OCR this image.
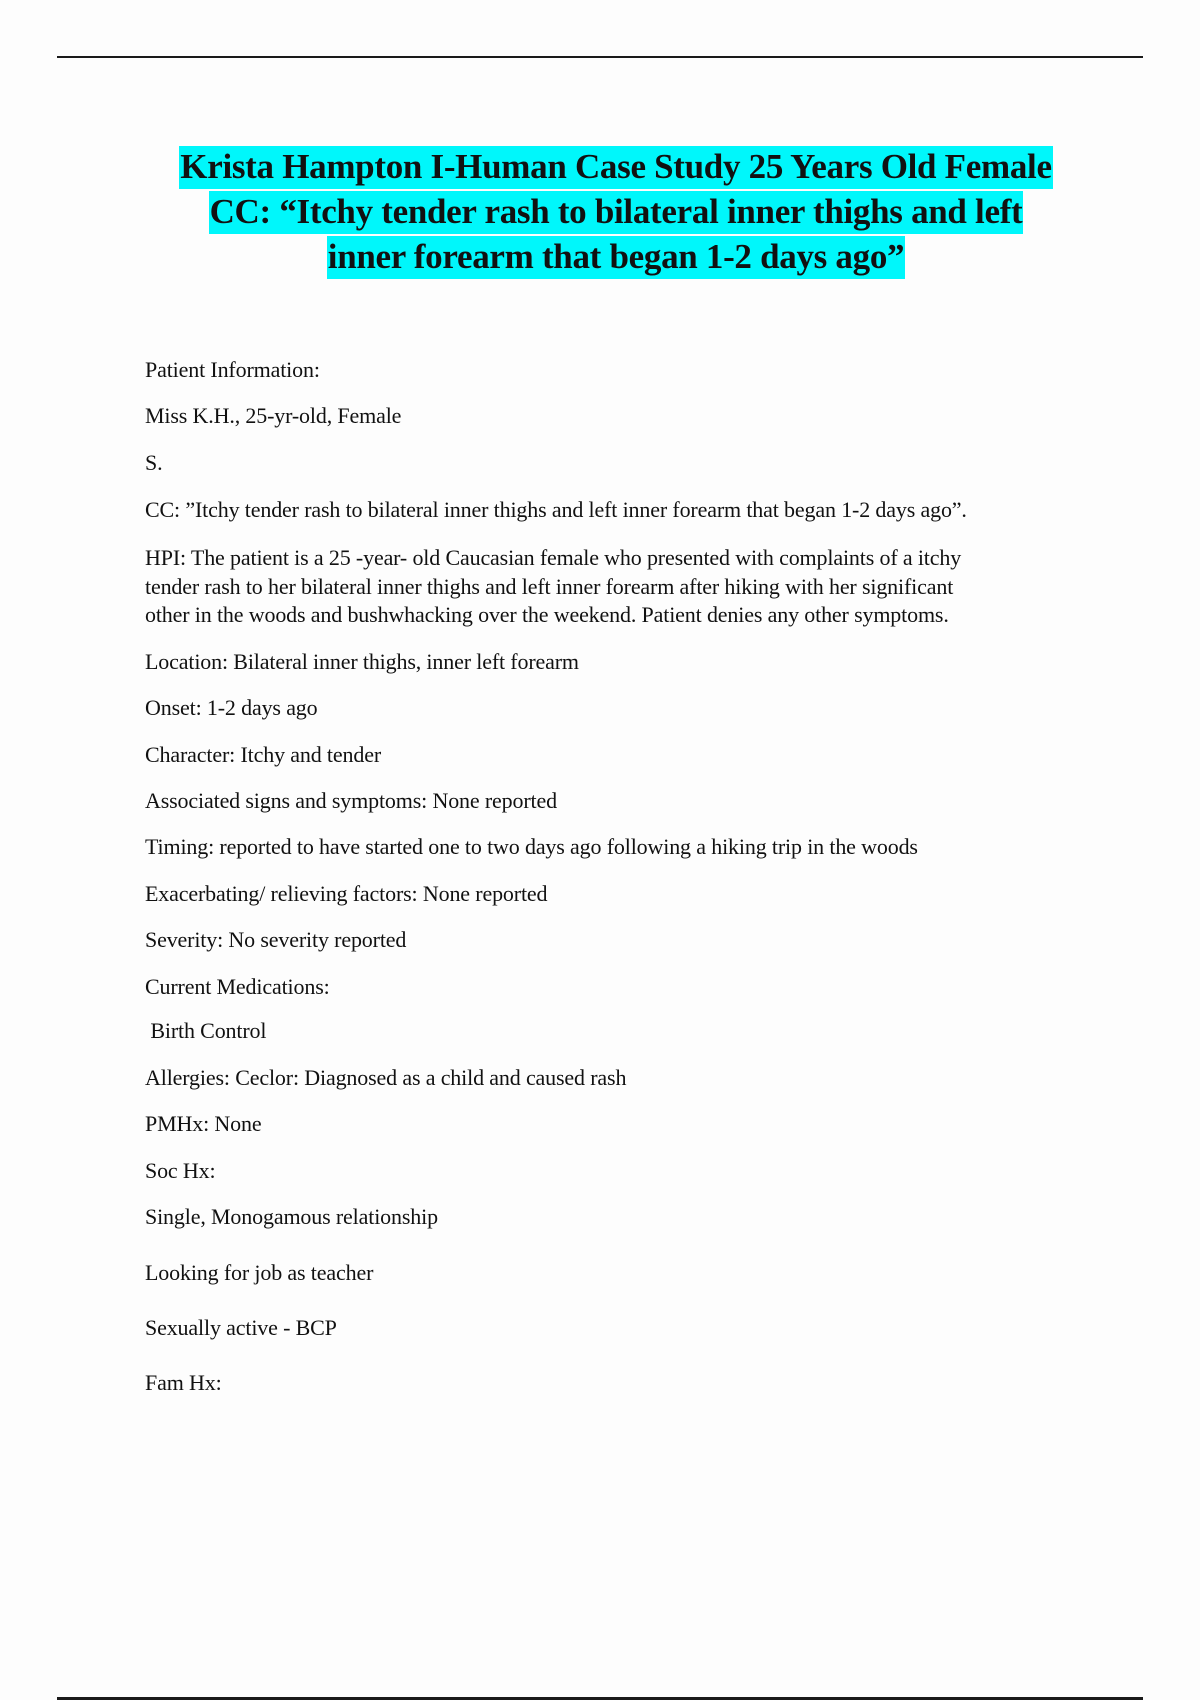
Krista Hampton I-Human Case Study 25 Years Old Female
CC: “Itchy tender rash to bilateral inner thighs and left
inner forearm that began 1-2 days ago”
Patient Information:
Miss K.H., 25-yr-old, Female
S.
CC: ”Itchy tender rash to bilateral inner thighs and left inner forearm that began 1-2 days ago”.
HPI: The patient is a 25 -year- old Caucasian female who presented with complaints of a itchy
tender rash to her bilateral inner thighs and left inner forearm after hiking with her significant
other in the woods and bushwhacking over the weekend. Patient denies any other symptoms.
Location: Bilateral inner thighs, inner left forearm
Onset: 1-2 days ago
Character: Itchy and tender
Associated signs and symptoms: None reported
Timing: reported to have started one to two days ago following a hiking trip in the woods
Exacerbating/ relieving factors: None reported
Severity: No severity reported
Current Medications:
Birth Control
Allergies: Ceclor: Diagnosed as a child and caused rash
PMHx: None
Soc Hx:
Single, Monogamous relationship
Looking for job as teacher
Sexually active - BCP
Fam Hx:
